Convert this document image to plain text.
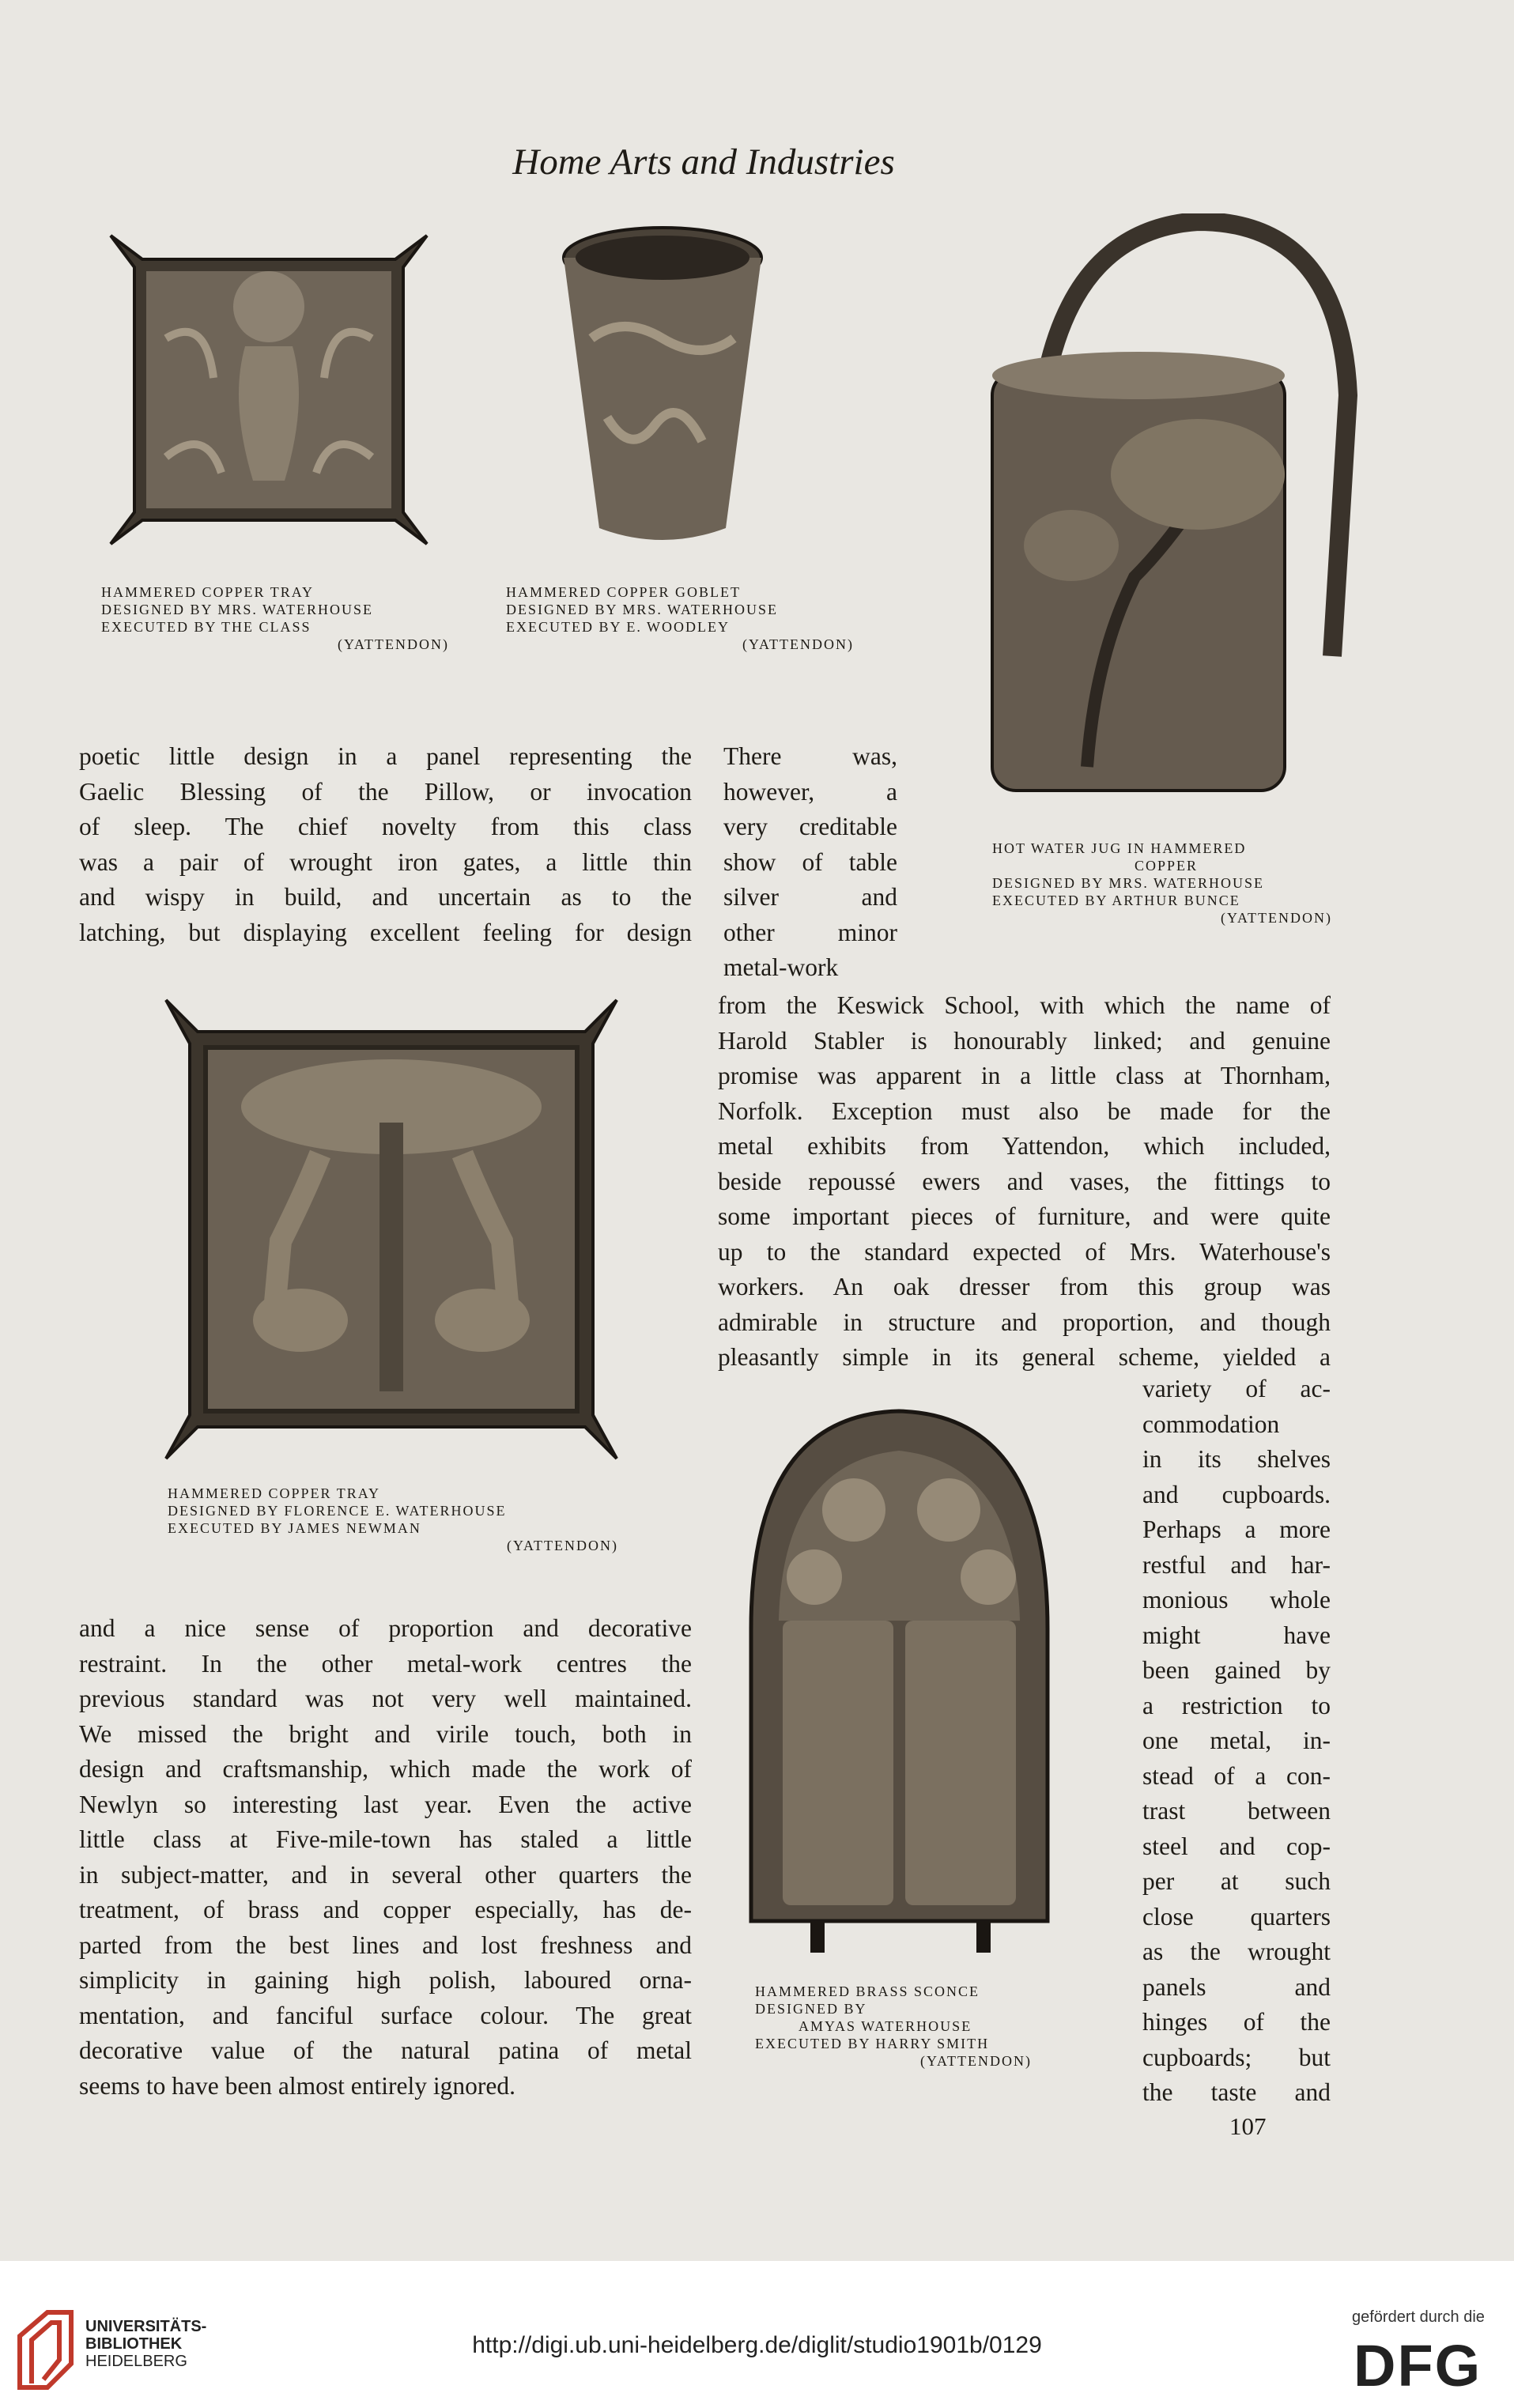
Home Arts and Industries
HAMMERED COPPER TRAY
DESIGNED BY MRS. WATERHOUSE
EXECUTED BY THE CLASS
(YATTENDON)
HAMMERED COPPER GOBLET
DESIGNED BY MRS. WATERHOUSE
EXECUTED BY E. WOODLEY
(YATTENDON)
HOT WATER JUG IN HAMMERED
COPPER
DESIGNED BY MRS. WATERHOUSE
EXECUTED BY ARTHUR BUNCE
(YATTENDON)
poetic little design in a panel representing the
Gaelic Blessing of the Pillow, or invocation
of sleep. The chief novelty from this class
was a pair of wrought iron gates, a little thin
and wispy in build, and uncertain as to the
latching, but displaying excellent feeling for design
There was,
however, a
very creditable
show of table
silver and
other minor
metal-work
HAMMERED COPPER TRAY
DESIGNED BY FLORENCE E. WATERHOUSE
EXECUTED BY JAMES NEWMAN
(YATTENDON)
and a nice sense of proportion and decorative
restraint. In the other metal-work centres the
previous standard was not very well maintained.
We missed the bright and virile touch, both in
design and craftsmanship, which made the work of
Newlyn so interesting last year. Even the active
little class at Five-mile-town has staled a little
in subject-matter, and in several other quarters the
treatment, of brass and copper especially, has de-
parted from the best lines and lost freshness and
simplicity in gaining high polish, laboured orna-
mentation, and fanciful surface colour. The great
decorative value of the natural patina of metal
seems to have been almost entirely ignored.
from the Keswick School, with which the name of
Harold Stabler is honourably linked; and genuine
promise was apparent in a little class at Thornham,
Norfolk. Exception must also be made for the
metal exhibits from Yattendon, which included,
beside repoussé ewers and vases, the fittings to
some important pieces of furniture, and were quite
up to the standard expected of Mrs. Waterhouse's
workers. An oak dresser from this group was
admirable in structure and proportion, and though
pleasantly simple in its general scheme, yielded a
HAMMERED BRASS SCONCE
DESIGNED BY
AMYAS WATERHOUSE
EXECUTED BY HARRY SMITH
(YATTENDON)
variety of ac-
commodation
in its shelves
and cupboards.
Perhaps a more
restful and har-
monious whole
might have
been gained by
a restriction to
one metal, in-
stead of a con-
trast between
steel and cop-
per at such
close quarters
as the wrought
panels and
hinges of the
cupboards; but
the taste and
107
UNIVERSITÄTS-
BIBLIOTHEK
HEIDELBERG
http://digi.ub.uni-heidelberg.de/diglit/studio1901b/0129
gefördert durch die
DFG
